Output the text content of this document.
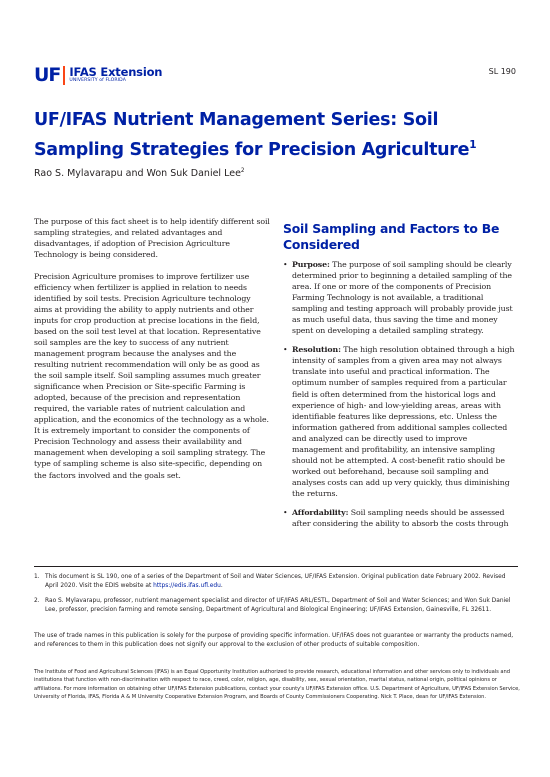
UF IFAS Extension
UNIVERSITY of FLORIDA
SL 190
UF/IFAS Nutrient Management Series: Soil Sampling Strategies for Precision Agriculture$^1$
Rao S. Mylavarapu and Won Suk Daniel Lee$^2$

The purpose of this fact sheet is to help identify different soil sampling strategies, and related advantages and disadvantages, if adoption of Precision Agriculture Technology is being considered.

Precision Agriculture promises to improve fertilizer use efficiency when fertilizer is applied in relation to needs identified by soil tests. Precision Agriculture technology aims at providing the ability to apply nutrients and other inputs for crop production at precise locations in the field, based on the soil test level at that location. Representative soil samples are the key to success of any nutrient management program because the analyses and the resulting nutrient recommendation will only be as good as the soil sample itself. Soil sampling assumes much greater significance when Precision or Site-specific Farming is adopted, because of the precision and representation required, the variable rates of nutrient calculation and application, and the economics of the technology as a whole. It is extremely important to consider the components of Precision Technology and assess their availability and management when developing a soil sampling strategy. The type of sampling scheme is also site-specific, depending on the factors involved and the goals set.

Soil Sampling and Factors to Be Considered
• Purpose: The purpose of soil sampling should be clearly determined prior to beginning a detailed sampling of the area. If one or more of the components of Precision Farming Technology is not available, a traditional sampling and testing approach will probably provide just as much useful data, thus saving the time and money spent on developing a detailed sampling strategy.
• Resolution: The high resolution obtained through a high intensity of samples from a given area may not always translate into useful and practical information. The optimum number of samples required from a particular field is often determined from the historical logs and experience of high- and low-yielding areas, areas with identifiable features like depressions, etc. Unless the information gathered from additional samples collected and analyzed can be directly used to improve management and profitability, an intensive sampling should not be attempted. A cost-benefit ratio should be worked out beforehand, because soil sampling and analyses costs can add up very quickly, thus diminishing the returns.
• Affordability: Soil sampling needs should be assessed after considering the ability to absorb the costs through
1. This document is SL 190, one of a series of the Department of Soil and Water Sciences, UF/IFAS Extension. Original publication date February 2002. Revised April 2020. Visit the EDIS website at https://edis.ifas.ufl.edu.
2. Rao S. Mylavarapu, professor, nutrient management specialist and director of UF/IFAS ARL/ESTL, Department of Soil and Water Sciences; and Won Suk Daniel Lee, professor, precision farming and remote sensing, Department of Agricultural and Biological Engineering; UF/IFAS Extension, Gainesville, FL 32611.
The use of trade names in this publication is solely for the purpose of providing specific information. UF/IFAS does not guarantee or warranty the products named, and references to them in this publication does not signify our approval to the exclusion of other products of suitable composition.
The Institute of Food and Agricultural Sciences (IFAS) is an Equal Opportunity Institution authorized to provide research, educational information and other services only to individuals and institutions that function with non-discrimination with respect to race, creed, color, religion, age, disability, sex, sexual orientation, marital status, national origin, political opinions or affiliations. For more information on obtaining other UF/IFAS Extension publications, contact your county's UF/IFAS Extension office. U.S. Department of Agriculture, UF/IFAS Extension Service, University of Florida, IFAS, Florida A & M University Cooperative Extension Program, and Boards of County Commissioners Cooperating. Nick T. Place, dean for UF/IFAS Extension.
